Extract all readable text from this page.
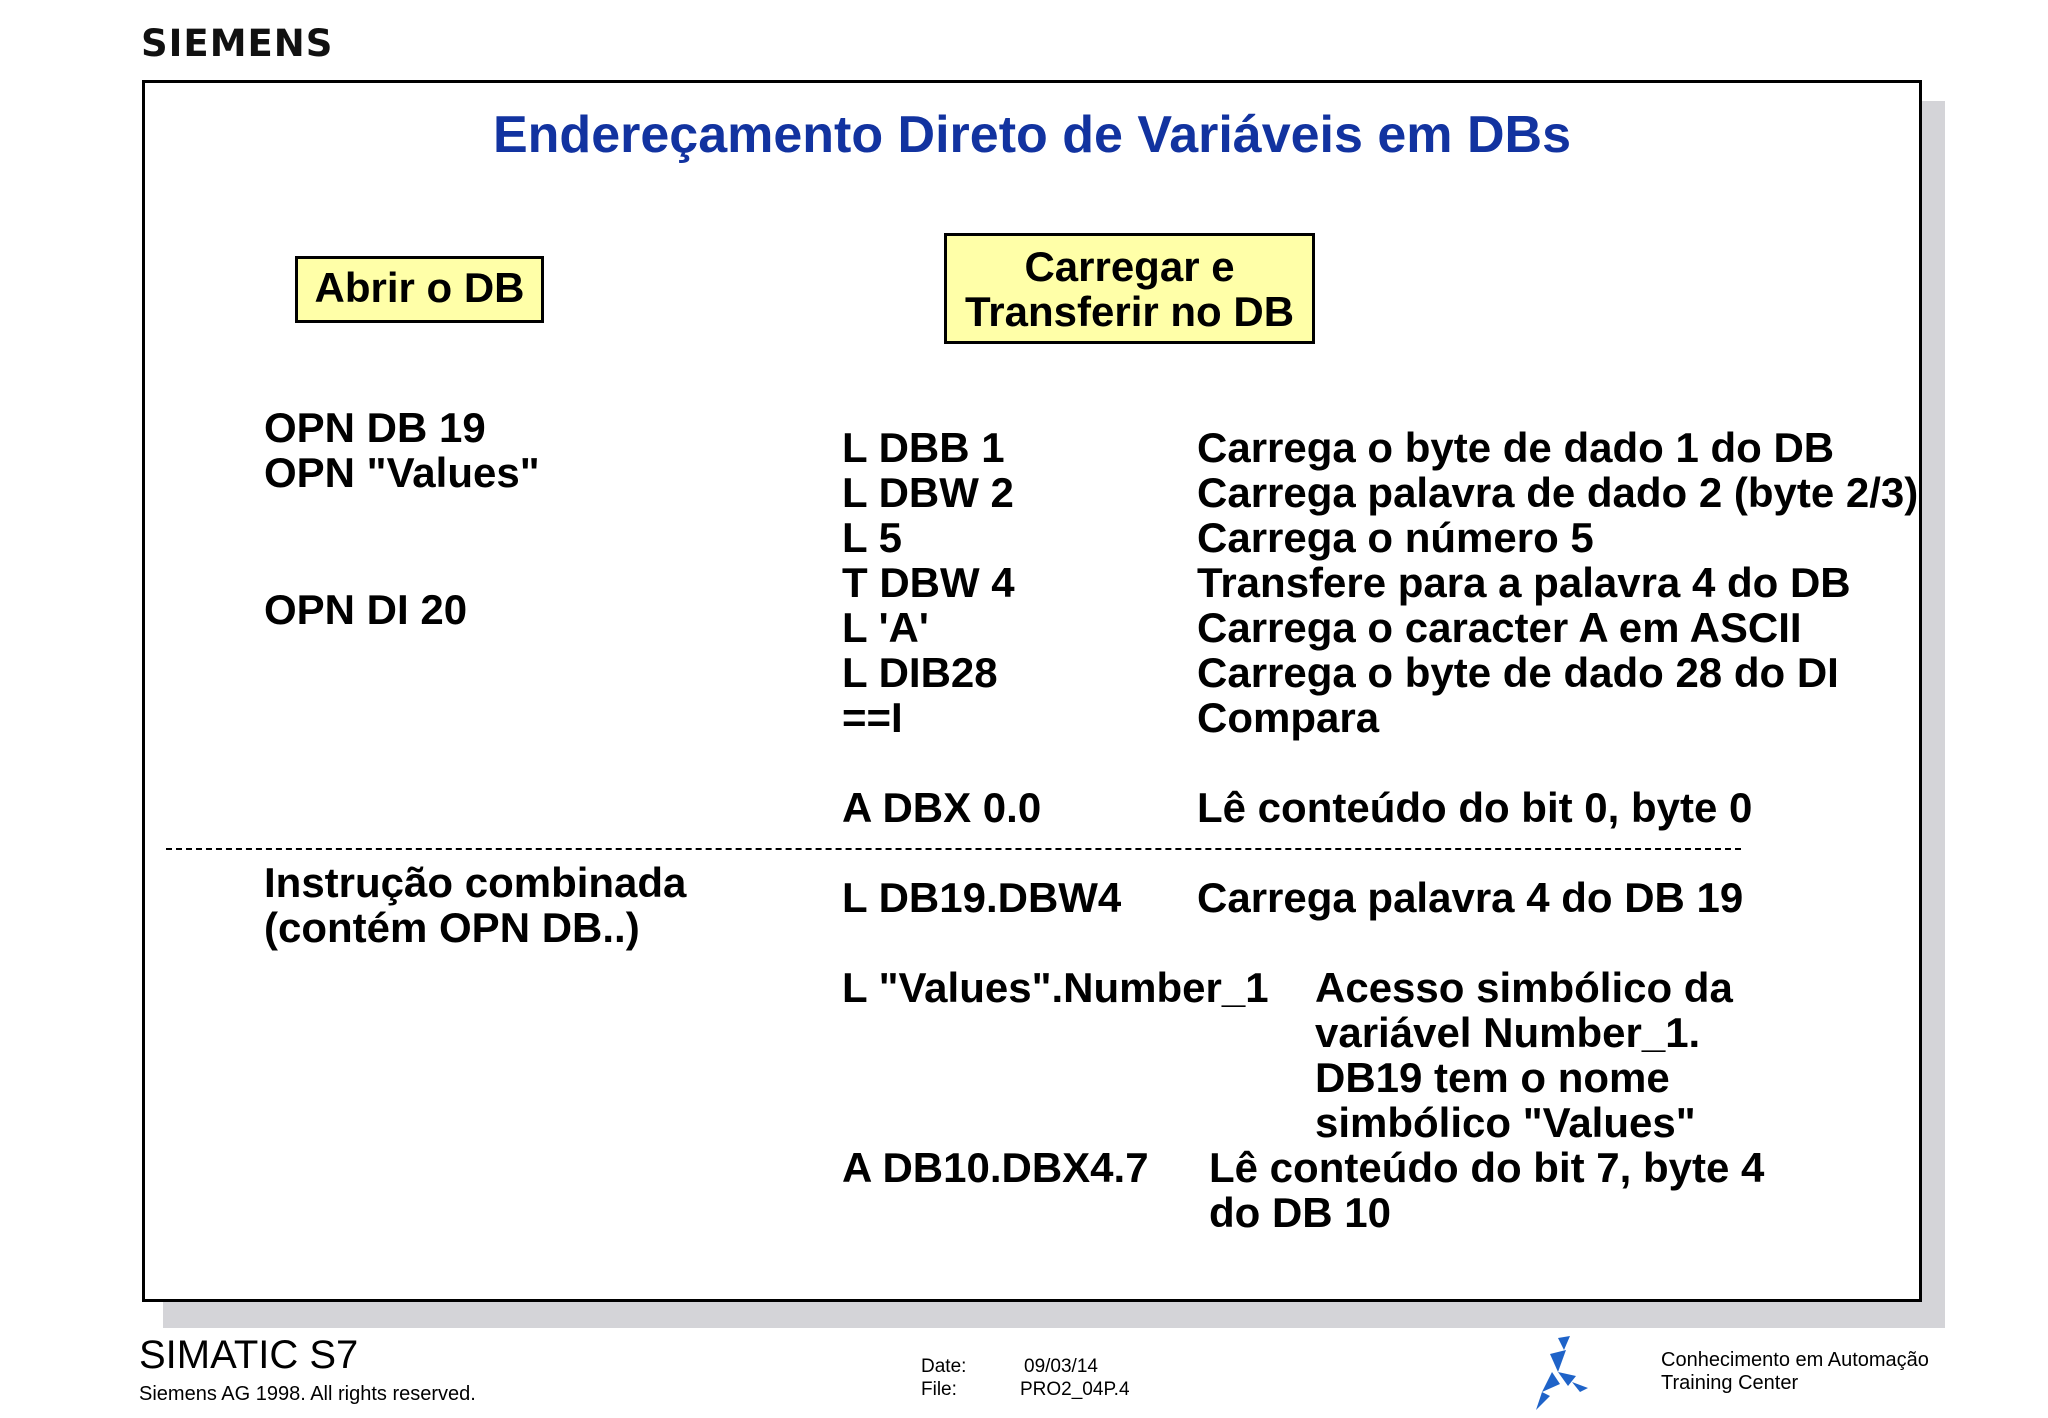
SIEMENS
Endereçamento Direto de Variáveis em DBs
Abrir o DB	Carregar e
Transferir no DB
OPN DB 19
OPN "Values"
OPN DI 20
Instrução combinada
(contém OPN DB..)
L DBB 1	Carrega o byte de dado 1 do DB
L DBW 2	Carrega palavra de dado 2 (byte 2/3)
L 5	Carrega o número 5
T DBW 4	Transfere para a palavra 4 do DB
L 'A'	Carrega o caracter A em ASCII
L DIB28	Carrega o byte de dado 28 do DI
==I	Compara
A DBX 0.0	Lê conteúdo do bit 0, byte 0
L DB19.DBW4 Carrega palavra 4 do DB 19
L "Values".Number_1 Acesso simbólico da
variável Number_1.
DB19 tem o nome
simbólico "Values"
A DB10.DBX4.7 Lê conteúdo do bit 7, byte 4
do DB 10
SIMATIC S7
Siemens AG 1998. All rights reserved.
Date:	09/03/14
File:	PRO2_04P.4
Conhecimento em Automação
Training Center
